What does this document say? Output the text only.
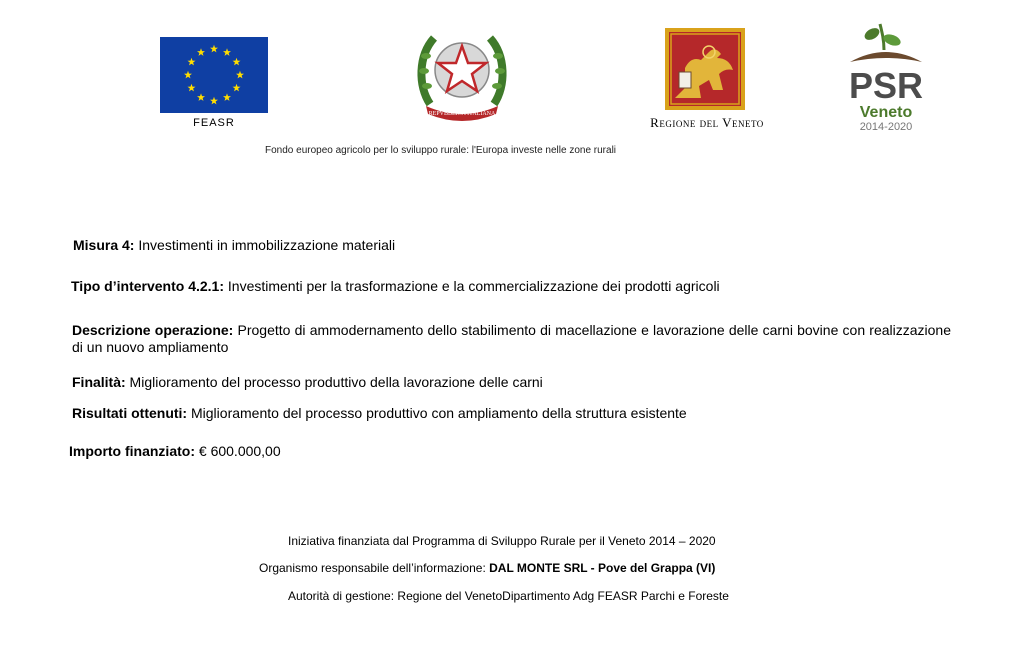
FEASR
REPVBBLICA ITALIANA
Regione del Veneto
PSR
Veneto
2014-2020
Fondo europeo agricolo per lo sviluppo rurale: l'Europa investe nelle zone rurali
Misura 4: Investimenti in immobilizzazione materiali
Tipo d’intervento 4.2.1: Investimenti per la trasformazione e la commercializzazione dei prodotti agricoli
Descrizione operazione: Progetto di ammodernamento dello stabilimento di macellazione e lavorazione delle carni bovine con realizzazione di un nuovo ampliamento
Finalità: Miglioramento del processo produttivo della lavorazione delle carni
Risultati ottenuti: Miglioramento del processo produttivo con ampliamento della struttura esistente
Importo finanziato: € 600.000,00
Iniziativa finanziata dal Programma di Sviluppo Rurale per il Veneto 2014 – 2020
Organismo responsabile dell’informazione: DAL MONTE SRL - Pove del Grappa (VI)
Autorità di gestione: Regione del VenetoDipartimento Adg FEASR Parchi e Foreste
